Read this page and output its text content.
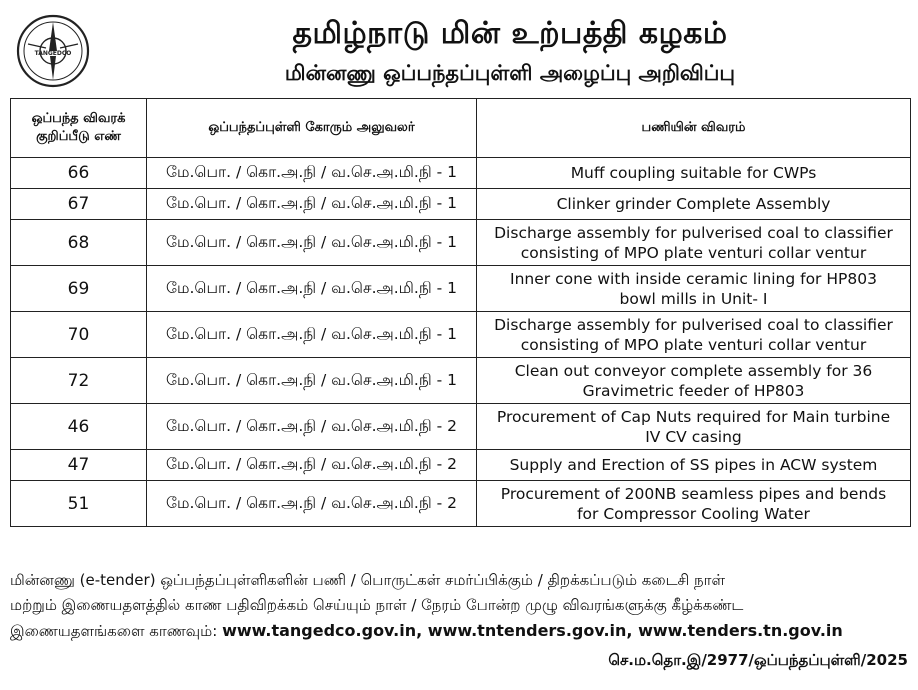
TANGEDCO
தமிழ்நாடு மின் உற்பத்தி கழகம்
மின்னணு ஒப்பந்தப்புள்ளி அழைப்பு அறிவிப்பு
ஒப்பந்த விவரக்
குறிப்பீடு எண்	ஒப்பந்தப்புள்ளி கோரும் அலுவலர்	பணியின் விவரம்
66	மே.பொ. / கொ.அ.நி / வ.செ.அ.மி.நி - 1	Muff coupling suitable for CWPs
67	மே.பொ. / கொ.அ.நி / வ.செ.அ.மி.நி - 1	Clinker grinder Complete Assembly
68	மே.பொ. / கொ.அ.நி / வ.செ.அ.மி.நி - 1	Discharge assembly for pulverised coal to classifier
consisting of MPO plate venturi collar ventur
69	மே.பொ. / கொ.அ.நி / வ.செ.அ.மி.நி - 1	Inner cone with inside ceramic lining for HP803
bowl mills in Unit- I
70	மே.பொ. / கொ.அ.நி / வ.செ.அ.மி.நி - 1	Discharge assembly for pulverised coal to classifier
consisting of MPO plate venturi collar ventur
72	மே.பொ. / கொ.அ.நி / வ.செ.அ.மி.நி - 1	Clean out conveyor complete assembly for 36
Gravimetric feeder of HP803
46	மே.பொ. / கொ.அ.நி / வ.செ.அ.மி.நி - 2	Procurement of Cap Nuts required for Main turbine
IV CV casing
47	மே.பொ. / கொ.அ.நி / வ.செ.அ.மி.நி - 2	Supply and Erection of SS pipes in ACW system
51	மே.பொ. / கொ.அ.நி / வ.செ.அ.மி.நி - 2	Procurement of 200NB seamless pipes and bends
for Compressor Cooling Water
மின்னணு (e-tender) ஒப்பந்தப்புள்ளிகளின் பணி / பொருட்கள் சமர்ப்பிக்கும் / திறக்கப்படும் கடைசி நாள்
மற்றும் இணையதளத்தில் காண பதிவிறக்கம் செய்யும் நாள் / நேரம் போன்ற முழு விவரங்களுக்கு கீழ்க்கண்ட
இணையதளங்களை காணவும்: www.tangedco.gov.in, www.tntenders.gov.in, www.tenders.tn.gov.in
செ.ம.தொ.இ/2977/ஒப்பந்தப்புள்ளி/2025
